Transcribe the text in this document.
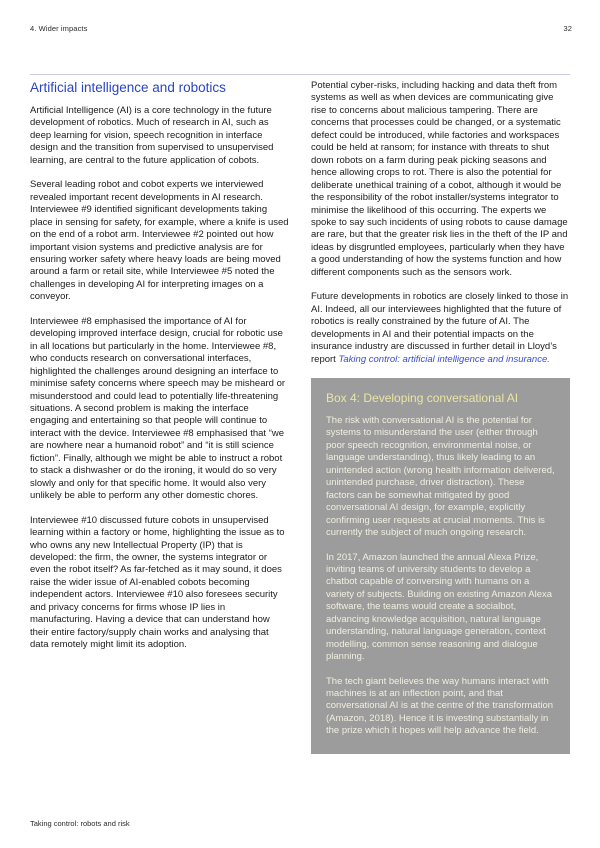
4. Wider impacts	32
Artificial intelligence and robotics

Artificial Intelligence (AI) is a core technology in the future development of robotics. Much of research in AI, such as deep learning for vision, speech recognition in interface design and the transition from supervised to unsupervised learning, are central to the future application of cobots.

Several leading robot and cobot experts we interviewed revealed important recent developments in AI research. Interviewee #9 identified significant developments taking place in sensing for safety, for example, where a knife is used on the end of a robot arm. Interviewee #2 pointed out how important vision systems and predictive analysis are for ensuring worker safety where heavy loads are being moved around a farm or retail site, while Interviewee #5 noted the challenges in developing AI for interpreting images on a conveyor.

Interviewee #8 emphasised the importance of AI for developing improved interface design, crucial for robotic use in all locations but particularly in the home. Interviewee #8, who conducts research on conversational interfaces, highlighted the challenges around designing an interface to minimise safety concerns where speech may be misheard or misunderstood and could lead to potentially life-threatening situations. A second problem is making the interface engaging and entertaining so that people will continue to interact with the device. Interviewee #8 emphasised that “we are nowhere near a humanoid robot” and “it is still science fiction”. Finally, although we might be able to instruct a robot to stack a dishwasher or do the ironing, it would do so very slowly and only for that specific home. It would also very unlikely be able to perform any other domestic chores.

Interviewee #10 discussed future cobots in unsupervised learning within a factory or home, highlighting the issue as to who owns any new Intellectual Property (IP) that is developed: the firm, the owner, the systems integrator or even the robot itself? As far-fetched as it may sound, it does raise the wider issue of AI-enabled cobots becoming independent actors. Interviewee #10 also foresees security and privacy concerns for firms whose IP lies in manufacturing. Having a device that can understand how their entire factory/supply chain works and analysing that data remotely might limit its adoption.

Potential cyber-risks, including hacking and data theft from systems as well as when devices are communicating give rise to concerns about malicious tampering. There are concerns that processes could be changed, or a systematic defect could be introduced, while factories and workspaces could be held at ransom; for instance with threats to shut down robots on a farm during peak picking seasons and hence allowing crops to rot. There is also the potential for deliberate unethical training of a cobot, although it would be the responsibility of the robot installer/systems integrator to minimise the likelihood of this occurring. The experts we spoke to say such incidents of using robots to cause damage are rare, but that the greater risk lies in the theft of the IP and ideas by disgruntled employees, particularly when they have a good understanding of how the systems function and how different components such as the sensors work.

Future developments in robotics are closely linked to those in AI. Indeed, all our interviewees highlighted that the future of robotics is really constrained by the future of AI. The developments in AI and their potential impacts on the insurance industry are discussed in further detail in Lloyd’s report Taking control: artificial intelligence and insurance.

Box 4: Developing conversational AI

The risk with conversational AI is the potential for systems to misunderstand the user (either through poor speech recognition, environmental noise, or language understanding), thus likely leading to an unintended action (wrong health information delivered, unintended purchase, driver distraction). These factors can be somewhat mitigated by good conversational AI design, for example, explicitly confirming user requests at crucial moments. This is currently the subject of much ongoing research.

In 2017, Amazon launched the annual Alexa Prize, inviting teams of university students to develop a chatbot capable of conversing with humans on a variety of subjects. Building on existing Amazon Alexa software, the teams would create a socialbot, advancing knowledge acquisition, natural language understanding, natural language generation, context modelling, common sense reasoning and dialogue planning.

The tech giant believes the way humans interact with machines is at an inflection point, and that conversational AI is at the centre of the transformation (Amazon, 2018). Hence it is investing substantially in the prize which it hopes will help advance the field.

Taking control: robots and risk
